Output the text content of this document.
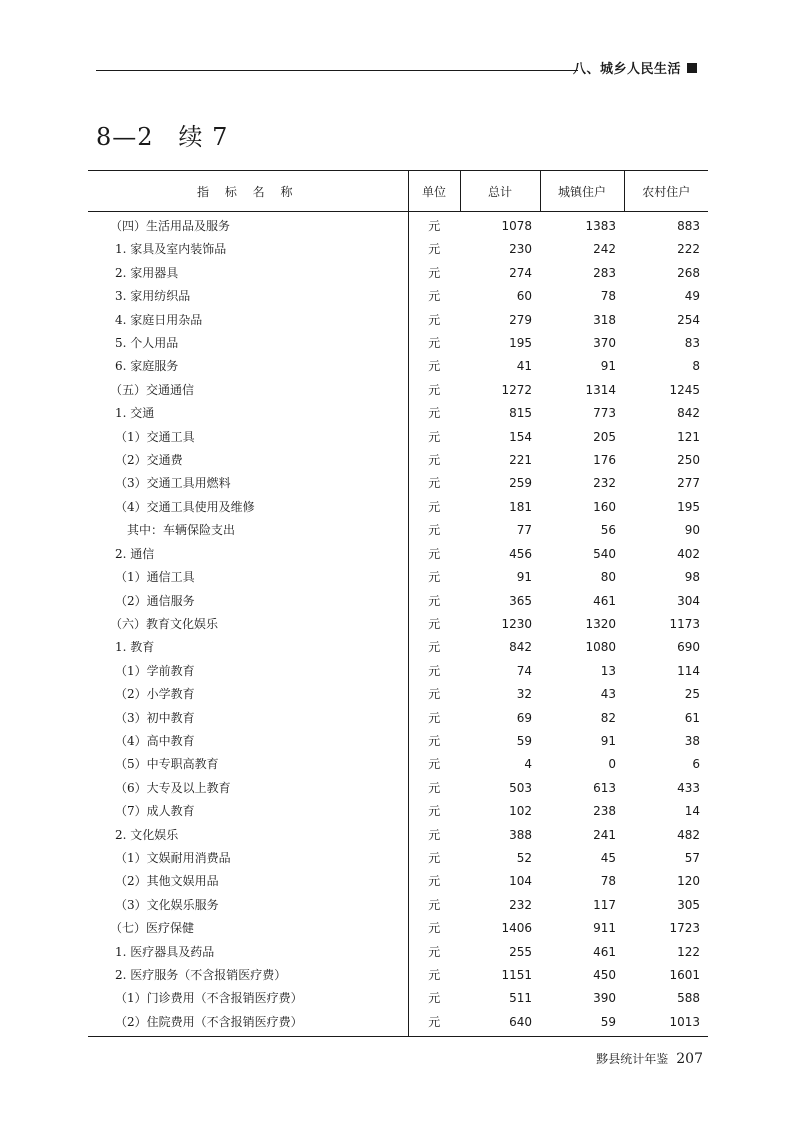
八、城乡人民生活
8—2　续 7
指 标 名 称	单位	总计	城镇住户	农村住户
（四）生活用品及服务	元	1078	1383	883
1. 家具及室内装饰品	元	230	242	222
2. 家用器具	元	274	283	268
3. 家用纺织品	元	60	78	49
4. 家庭日用杂品	元	279	318	254
5. 个人用品	元	195	370	83
6. 家庭服务	元	41	91	8
（五）交通通信	元	1272	1314	1245
1. 交通	元	815	773	842
（1）交通工具	元	154	205	121
（2）交通费	元	221	176	250
（3）交通工具用燃料	元	259	232	277
（4）交通工具使用及维修	元	181	160	195
　其中：车辆保险支出	元	77	56	90
2. 通信	元	456	540	402
（1）通信工具	元	91	80	98
（2）通信服务	元	365	461	304
（六）教育文化娱乐	元	1230	1320	1173
1. 教育	元	842	1080	690
（1）学前教育	元	74	13	114
（2）小学教育	元	32	43	25
（3）初中教育	元	69	82	61
（4）高中教育	元	59	91	38
（5）中专职高教育	元	4	0	6
（6）大专及以上教育	元	503	613	433
（7）成人教育	元	102	238	14
2. 文化娱乐	元	388	241	482
（1）文娱耐用消费品	元	52	45	57
（2）其他文娱用品	元	104	78	120
（3）文化娱乐服务	元	232	117	305
（七）医疗保健	元	1406	911	1723
1. 医疗器具及药品	元	255	461	122
2. 医疗服务（不含报销医疗费）	元	1151	450	1601
（1）门诊费用（不含报销医疗费）	元	511	390	588
（2）住院费用（不含报销医疗费）	元	640	59	1013
黟县统计年鉴 207
